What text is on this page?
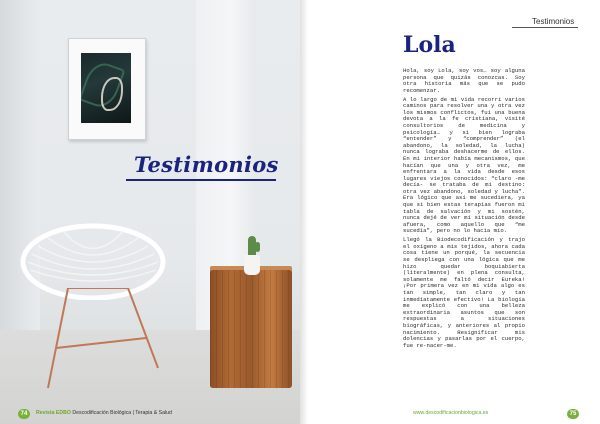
Testimonios
74	Revista EDBO Descodificación Biológica | Terapia & Salud
Testimonios
Lola

Hola, soy Lola, soy vos… soy alguna persona que quizás conozcas. Soy otra historia más que se pudo recomenzar.

A lo largo de mi vida recorrí varios caminos para resolver una y otra vez los mismos conflictos, fui una buena devota a la fe cristiana, visité consultorios de medicina y psicología… y si bien lograba “entender” y “comprender” (el abandono, la soledad, la lucha) nunca lograba deshacerme de ellos. En mi interior había mecanismos, que hacían que una y otra vez, me enfrentara a la vida desde esos lugares viejos conocidos: “claro -me decía- se trataba de mi destino: otra vez abandono, soledad y lucha”. Era lógico que así me sucediera, ya que si bien estas terapias fueron mi tabla de salvación y mi sostén, nunca dejé de ver mi situación desde afuera, como aquello que “me sucedía”, pero no lo hacía mío.

Llegó la Biodecodificación y trajo el oxígeno a mis tejidos, ahora cada cosa tiene un porqué, la secuencia se despliega con una lógica que me hizo quedar boquiabierta (literalmente) en plena consulta, solamente me faltó decir Eureka! ¡Por primera vez en mi vida algo es tan simple, tan claro y tan inmediatamente efectivo! La biología me explicó con una belleza extraordinaria asuntos que son respuestas a situaciones biográficas, y anteriores al propio nacimiento. Resignificar mis dolencias y pasarlas por el cuerpo, fue re-nacer-me.

www.descodificacionbiologica.es	75
